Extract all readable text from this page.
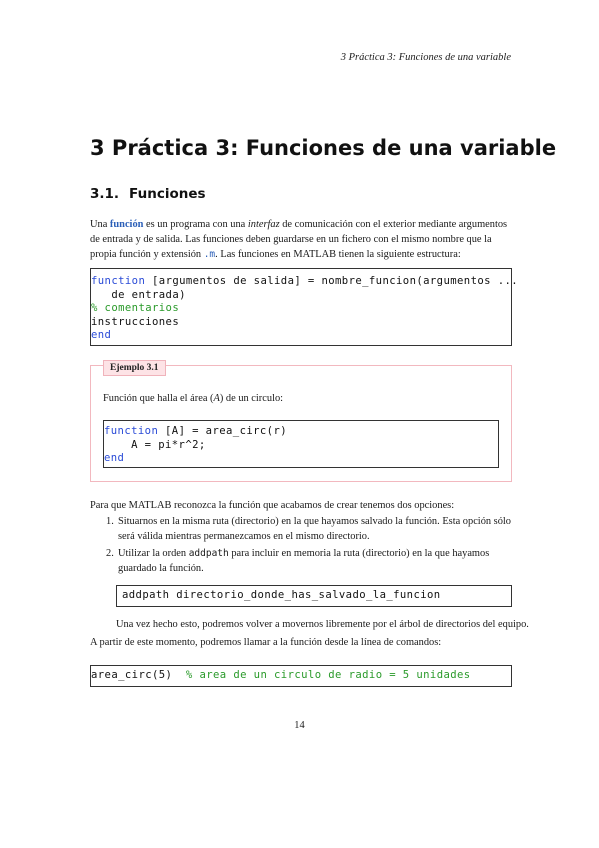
3 Práctica 3: Funciones de una variable
3 Práctica 3: Funciones de una variable
3.1. Funciones

Una función es un programa con una interfaz de comunicación con el exterior mediante argumentos de entrada y de salida. Las funciones deben guardarse en un fichero con el mismo nombre que la propia función y extensión .m. Las funciones en MATLAB tienen la siguiente estructura:

function [argumentos de salida] = nombre_funcion(argumentos ...
de entrada)
% comentarios
instrucciones
end
Ejemplo 3.1
Función que halla el área (A) de un circulo:
function [A] = area_circ(r)
A = pi*r^2;
end

Para que MATLAB reconozca la función que acabamos de crear tenemos dos opciones:

1. Situarnos en la misma ruta (directorio) en la que hayamos salvado la función. Esta opción sólo será válida mientras permanezcamos en el mismo directorio.
2. Utilizar la orden addpath para incluir en memoria la ruta (directorio) en la que hayamos guardado la función.
addpath directorio_donde_has_salvado_la_funcion

Una vez hecho esto, podremos volver a movernos libremente por el árbol de directorios del equipo.

A partir de este momento, podremos llamar a la función desde la línea de comandos:

area_circ(5)  % area de un circulo de radio = 5 unidades
14
